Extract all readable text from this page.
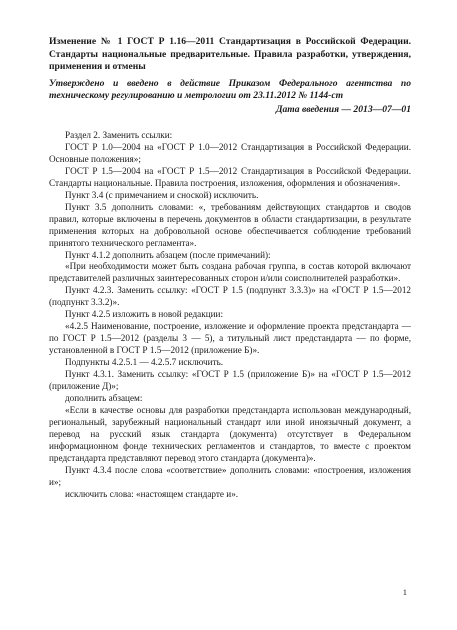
Изменение № 1 ГОСТ Р 1.16—2011 Стандартизация в Российской Федерации. Стандарты национальные предварительные. Правила разработки, утверждения, применения и отмены

Утверждено и введено в действие Приказом Федерального агентства по техническому регулированию и метрологии от 23.11.2012 № 1144-ст

Дата введения — 2013—07—01

Раздел 2. Заменить ссылки:

ГОСТ Р 1.0—2004 на «ГОСТ Р 1.0—2012 Стандартизация в Российской Федерации. Основные положения»;

ГОСТ Р 1.5—2004 на «ГОСТ Р 1.5—2012 Стандартизация в Российской Федерации. Стандарты национальные. Правила построения, изложения, оформления и обозначения».

Пункт 3.4 (с примечанием и сноской) исключить.

Пункт 3.5 дополнить словами: «, требованиям действующих стандартов и сводов правил, которые включены в перечень документов в области стандартизации, в результате применения которых на добровольной основе обеспечивается соблюдение требований принятого технического регламента».

Пункт 4.1.2 дополнить абзацем (после примечаний):

«При необходимости может быть создана рабочая группа, в состав которой включают представителей различных заинтересованных сторон и/или соисполнителей разработки».

Пункт 4.2.3. Заменить ссылку: «ГОСТ Р 1.5 (подпункт 3.3.3)» на «ГОСТ Р 1.5—2012 (подпункт 3.3.2)».

Пункт 4.2.5 изложить в новой редакции:

«4.2.5 Наименование, построение, изложение и оформление проекта предстандарта — по ГОСТ Р 1.5—2012 (разделы 3 — 5), а титульный лист предстандарта — по форме, установленной в ГОСТ Р 1.5—2012 (приложение Б)».

Подпункты 4.2.5.1 — 4.2.5.7 исключить.

Пункт 4.3.1. Заменить ссылку: «ГОСТ Р 1.5 (приложение Б)» на «ГОСТ Р 1.5—2012 (приложение Д)»;

дополнить абзацем:

«Если в качестве основы для разработки предстандарта использован международный, региональный, зарубежный национальный стандарт или иной иноязычный документ, а перевод на русский язык стандарта (документа) отсутствует в Федеральном информационном фонде технических регламентов и стандартов, то вместе с проектом предстандарта представляют перевод этого стандарта (документа)».

Пункт 4.3.4 после слова «соответствие» дополнить словами: «построения, изложения и»;

исключить слова: «настоящем стандарте и».

1
